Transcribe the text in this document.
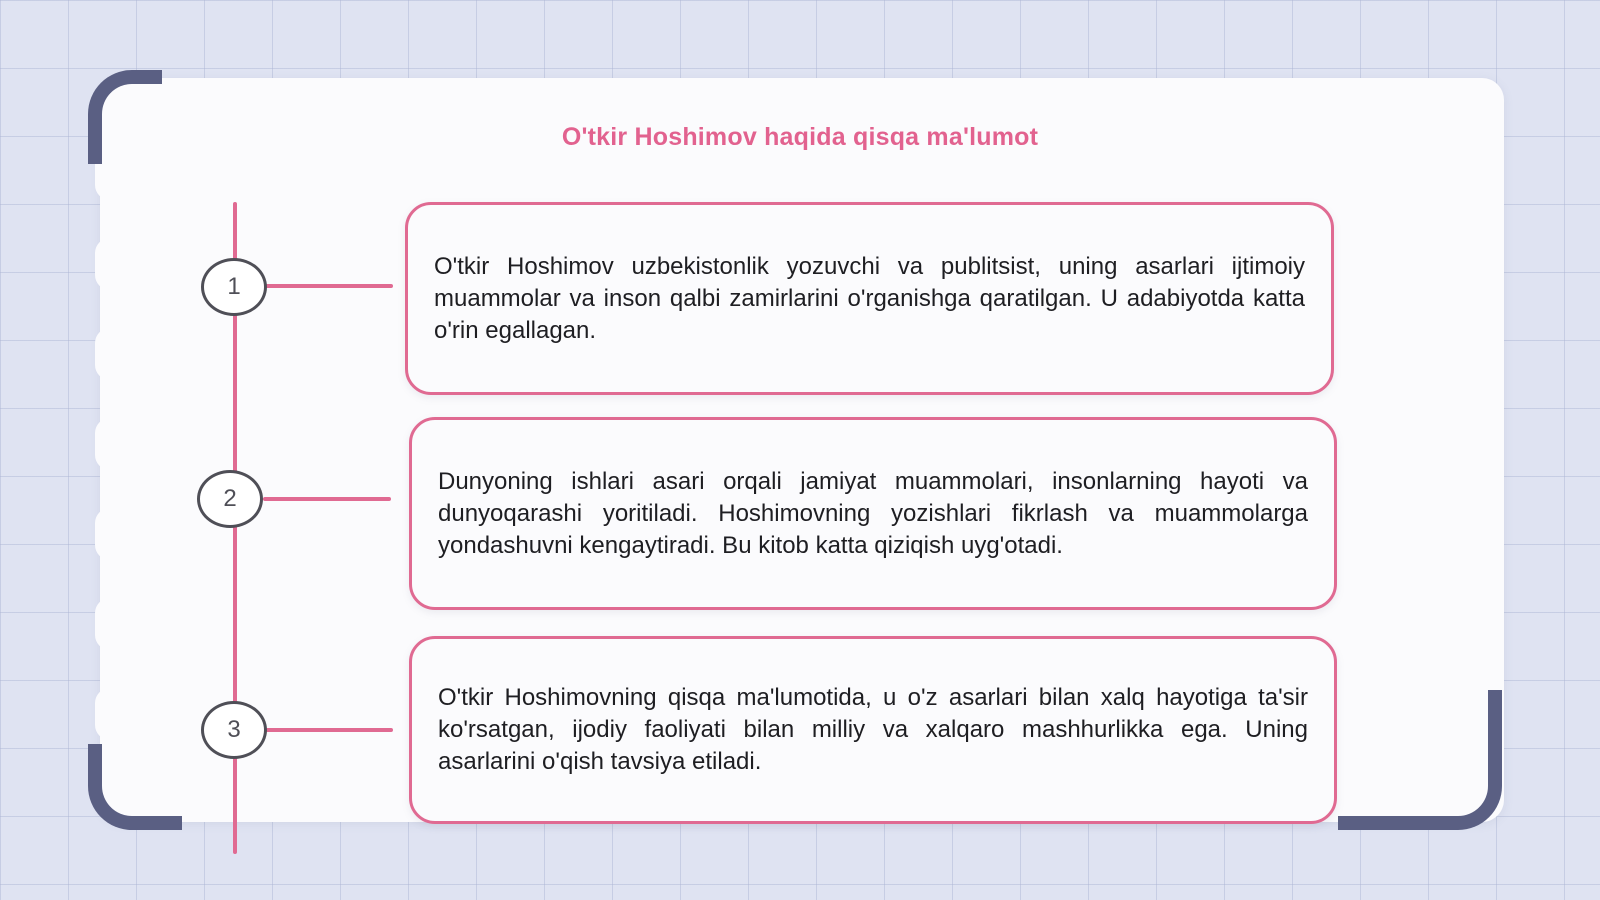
O'tkir Hoshimov haqida qisqa ma'lumot
1
2
3

O'tkir Hoshimov uzbekistonlik yozuvchi va publitsist, uning asarlari ijtimoiy muammolar va inson qalbi zamirlarini o'rganishga qaratilgan. U adabiyotda katta o'rin egallagan.

Dunyoning ishlari asari orqali jamiyat muammolari, insonlarning hayoti va dunyoqarashi yoritiladi. Hoshimovning yozishlari fikrlash va muammolarga yondashuvni kengaytiradi. Bu kitob katta qiziqish uyg'otadi.

O'tkir Hoshimovning qisqa ma'lumotida, u o'z asarlari bilan xalq hayotiga ta'sir ko'rsatgan, ijodiy faoliyati bilan milliy va xalqaro mashhurlikka ega. Uning asarlarini o'qish tavsiya etiladi.
